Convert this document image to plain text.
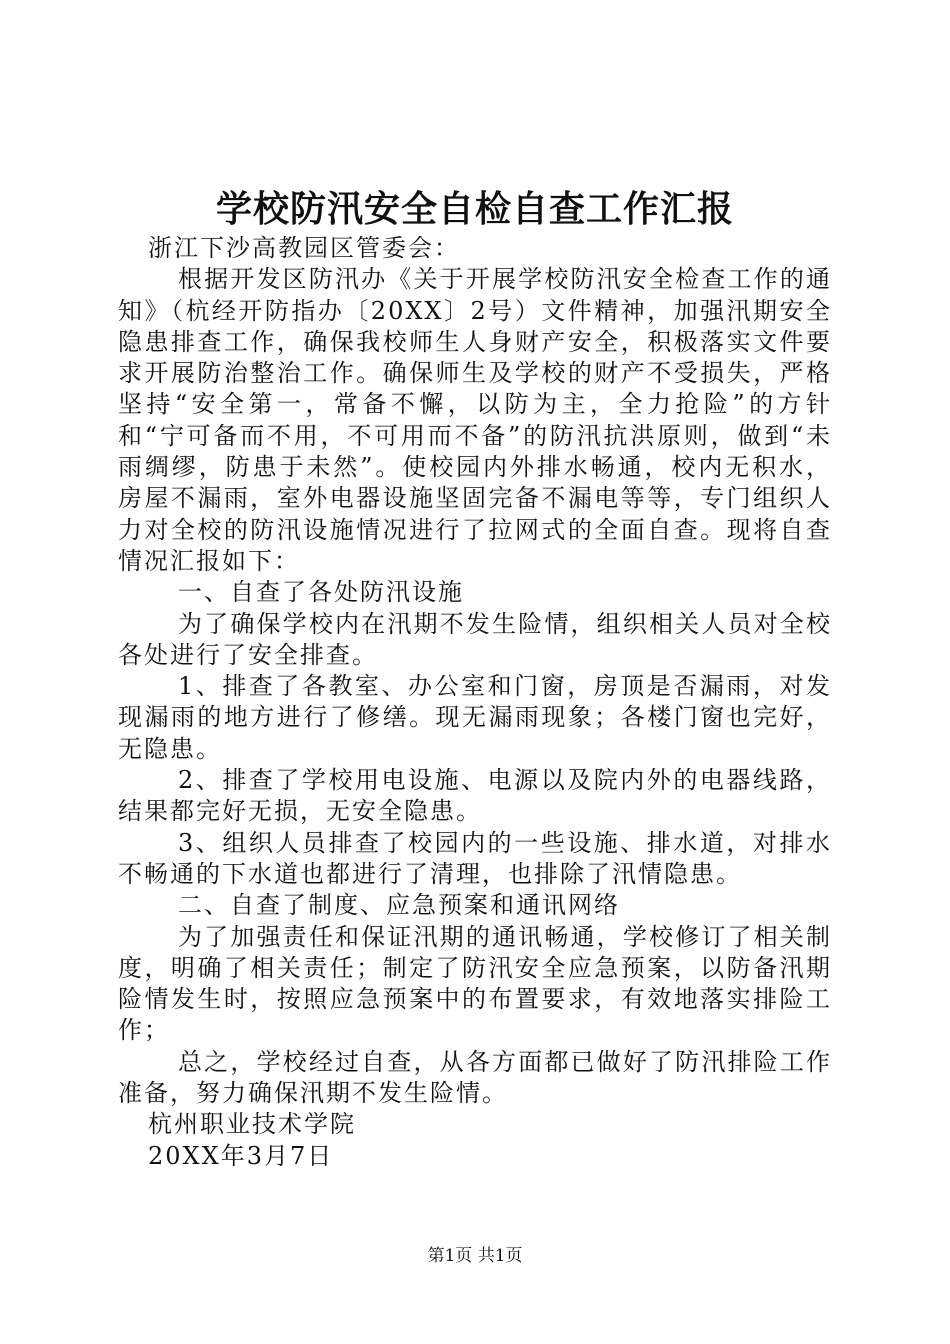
学校防汛安全自检自查工作汇报

浙江下沙高教园区管委会：

根据开发区防汛办《关于开展学校防汛安全检查工作的通知》（杭经开防指办〔20XX〕2号）文件精神，加强汛期安全隐患排查工作，确保我校师生人身财产安全，积极落实文件要求开展防治整治工作。确保师生及学校的财产不受损失，严格坚持“安全第一，常备不懈，以防为主，全力抢险”的方针和“宁可备而不用，不可用而不备”的防汛抗洪原则，做到“未雨绸缪，防患于未然”。使校园内外排水畅通，校内无积水，房屋不漏雨，室外电器设施坚固完备不漏电等等，专门组织人力对全校的防汛设施情况进行了拉网式的全面自查。现将自查情况汇报如下：

一、自查了各处防汛设施

为了确保学校内在汛期不发生险情，组织相关人员对全校各处进行了安全排查。

1、排查了各教室、办公室和门窗，房顶是否漏雨，对发现漏雨的地方进行了修缮。现无漏雨现象；各楼门窗也完好，无隐患。

2、排查了学校用电设施、电源以及院内外的电器线路，结果都完好无损，无安全隐患。

3、组织人员排查了校园内的一些设施、排水道，对排水不畅通的下水道也都进行了清理，也排除了汛情隐患。

二、自查了制度、应急预案和通讯网络

为了加强责任和保证汛期的通讯畅通，学校修订了相关制度，明确了相关责任；制定了防汛安全应急预案，以防备汛期险情发生时，按照应急预案中的布置要求，有效地落实排险工作；

总之，学校经过自查，从各方面都已做好了防汛排险工作准备，努力确保汛期不发生险情。

杭州职业技术学院

20XX年3月7日

第1页 共1页
